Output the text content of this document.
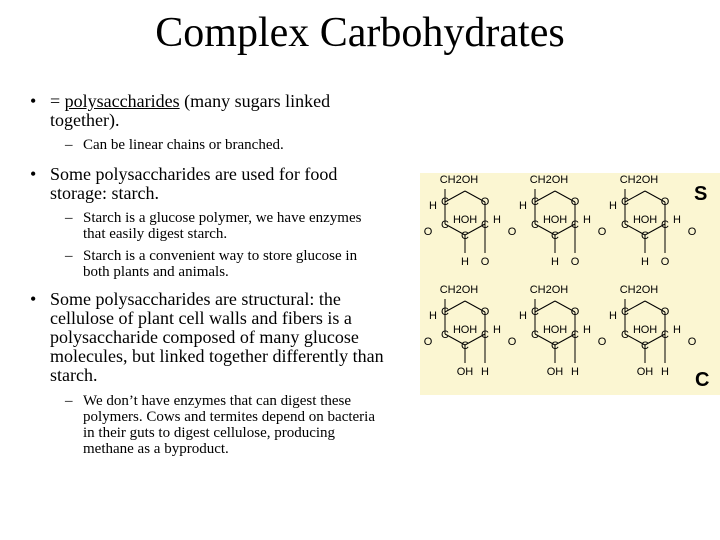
Complex Carbohydrates
• = polysaccharides (many sugars linked together).
– Can be linear chains or branched.
• Some polysaccharides are used for food storage: starch.
– Starch is a glucose polymer, we have enzymes that easily digest starch.
– Starch is a convenient way to store glucose in both plants and animals.
• Some polysaccharides are structural: the cellulose of plant cell walls and fibers is a polysaccharide composed of many glucose molecules, but linked together differently than starch.
– We don’t have enzymes that can digest these polymers. Cows and termites depend on bacteria in their guts to digest cellulose, producing methane as a byproduct.
O
C
C
C
C
CH2OH
H
OH
H
H
H
O
O
C
C
C
C
CH2OH
H
OH
H
H
H
O
O
C
C
C
C
CH2OH
H
OH
H
H
H
O
O
C
C
C
C
CH2OH
H
OH
H
OH
H
H
O
C
C
C
C
CH2OH
H
OH
H
OH
H
H
O
C
C
C
C
CH2OH
H
OH
H
OH
H
H
O	O	O	O
O	O	O	O
S
C
